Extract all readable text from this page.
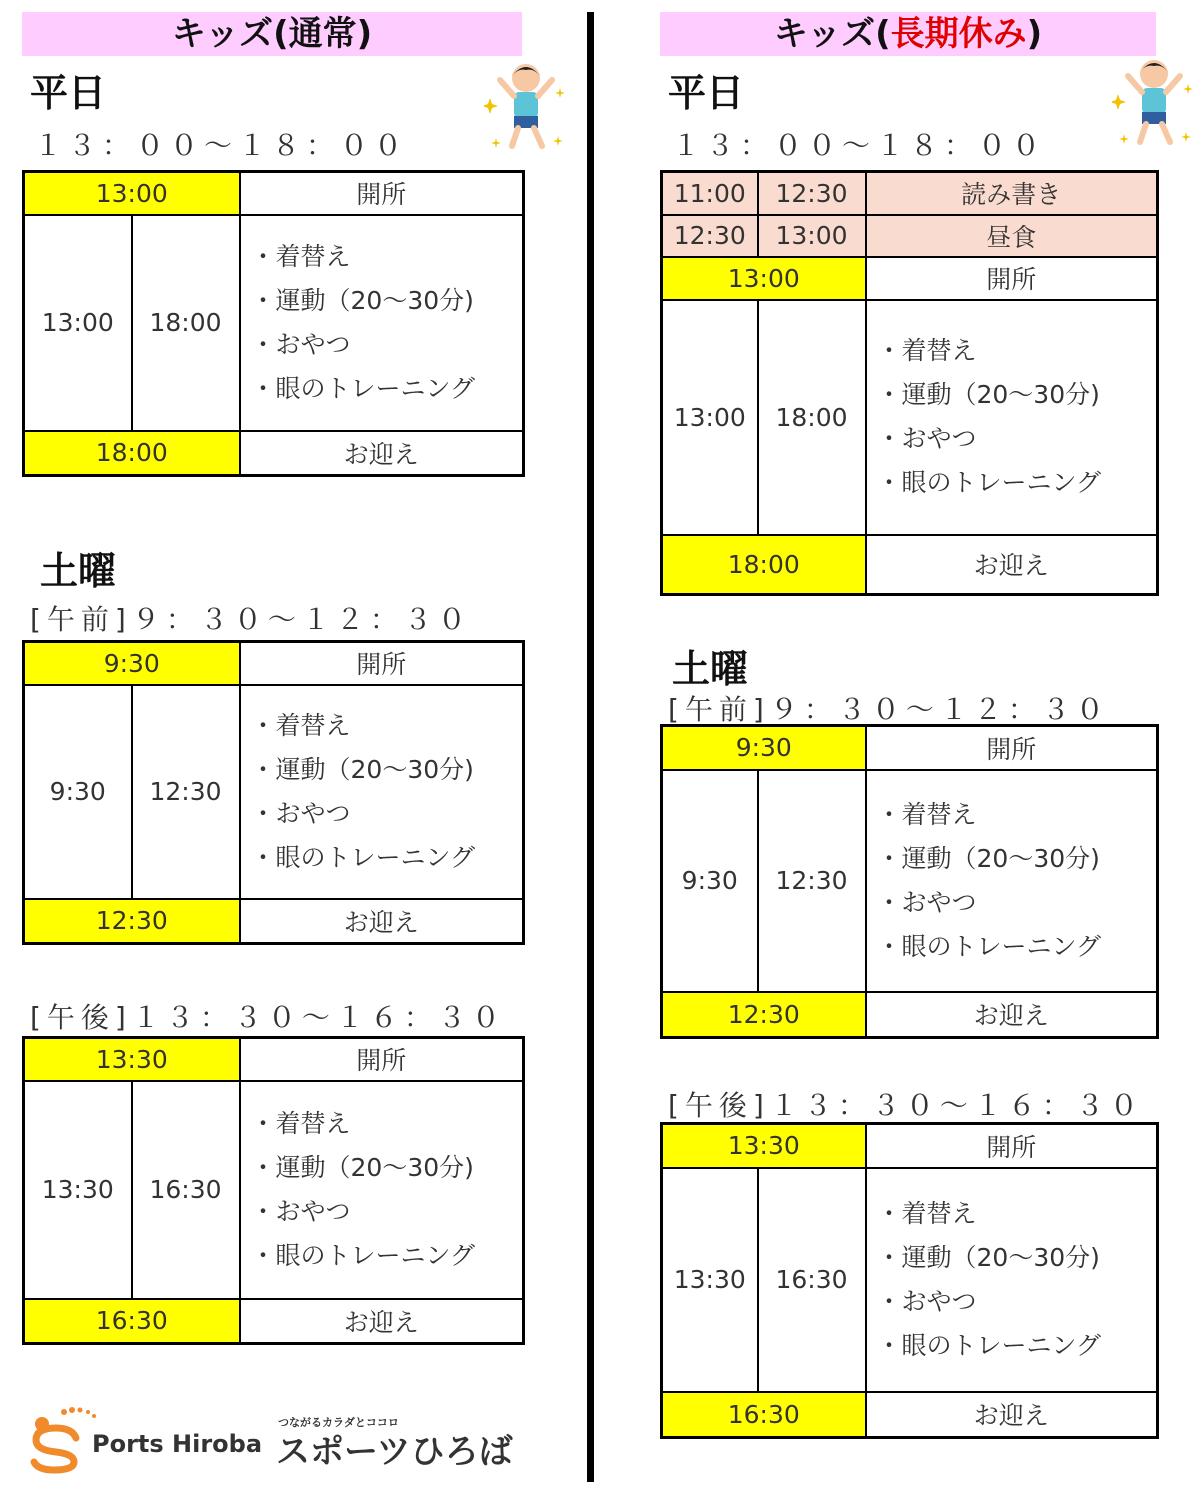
キッズ(通常)
平日
１３：００〜１８：００
13:00		開所
13:00	18:00	・着替え
・運動（20〜30分)
・おやつ
・眼のトレーニング

18:00		お迎え
土曜
[午前]９：３０〜１２：３０
9:30		開所
9:30	12:30	・着替え
・運動（20〜30分)
・おやつ
・眼のトレーニング

12:30		お迎え
[午後]１３：３０〜１６：３０
13:30		開所
13:30	16:30	・着替え
・運動（20〜30分)
・おやつ
・眼のトレーニング

16:30		お迎え
Ports Hiroba
つながるカラダとココロ
スポーツひろば
キッズ(長期休み)
平日
１３：００〜１８：００
11:00	12:30	読み書き
12:30	13:00	昼食
13:00		開所
13:00	18:00	・着替え
・運動（20〜30分)
・おやつ
・眼のトレーニング

18:00		お迎え
土曜
[午前]９：３０〜１２：３０
9:30		開所
9:30	12:30	・着替え
・運動（20〜30分)
・おやつ
・眼のトレーニング

12:30		お迎え
[午後]１３：３０〜１６：３０
13:30		開所
13:30	16:30	・着替え
・運動（20〜30分)
・おやつ
・眼のトレーニング

16:30		お迎え
